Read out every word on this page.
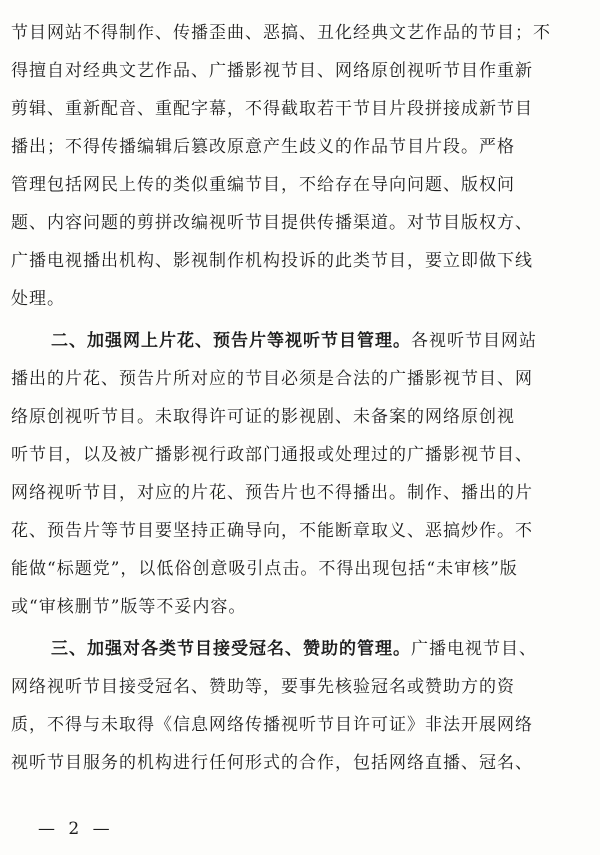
节目网站不得制作、传播歪曲、恶搞、丑化经典文艺作品的节目；不
得擅自对经典文艺作品、广播影视节目、网络原创视听节目作重新
剪辑、重新配音、重配字幕，不得截取若干节目片段拼接成新节目
播出；不得传播编辑后篡改原意产生歧义的作品节目片段。严格
管理包括网民上传的类似重编节目，不给存在导向问题、版权问
题、内容问题的剪拼改编视听节目提供传播渠道。对节目版权方、
广播电视播出机构、影视制作机构投诉的此类节目，要立即做下线
处理。

二、加强网上片花、预告片等视听节目管理。各视听节目网站
播出的片花、预告片所对应的节目必须是合法的广播影视节目、网
络原创视听节目。未取得许可证的影视剧、未备案的网络原创视
听节目，以及被广播影视行政部门通报或处理过的广播影视节目、
网络视听节目，对应的片花、预告片也不得播出。制作、播出的片
花、预告片等节目要坚持正确导向，不能断章取义、恶搞炒作。不
能做“标题党”，以低俗创意吸引点击。不得出现包括“未审核”版
或“审核删节”版等不妥内容。

三、加强对各类节目接受冠名、赞助的管理。广播电视节目、
网络视听节目接受冠名、赞助等，要事先核验冠名或赞助方的资
质，不得与未取得《信息网络传播视听节目许可证》非法开展网络
视听节目服务的机构进行任何形式的合作，包括网络直播、冠名、

— 2 —
